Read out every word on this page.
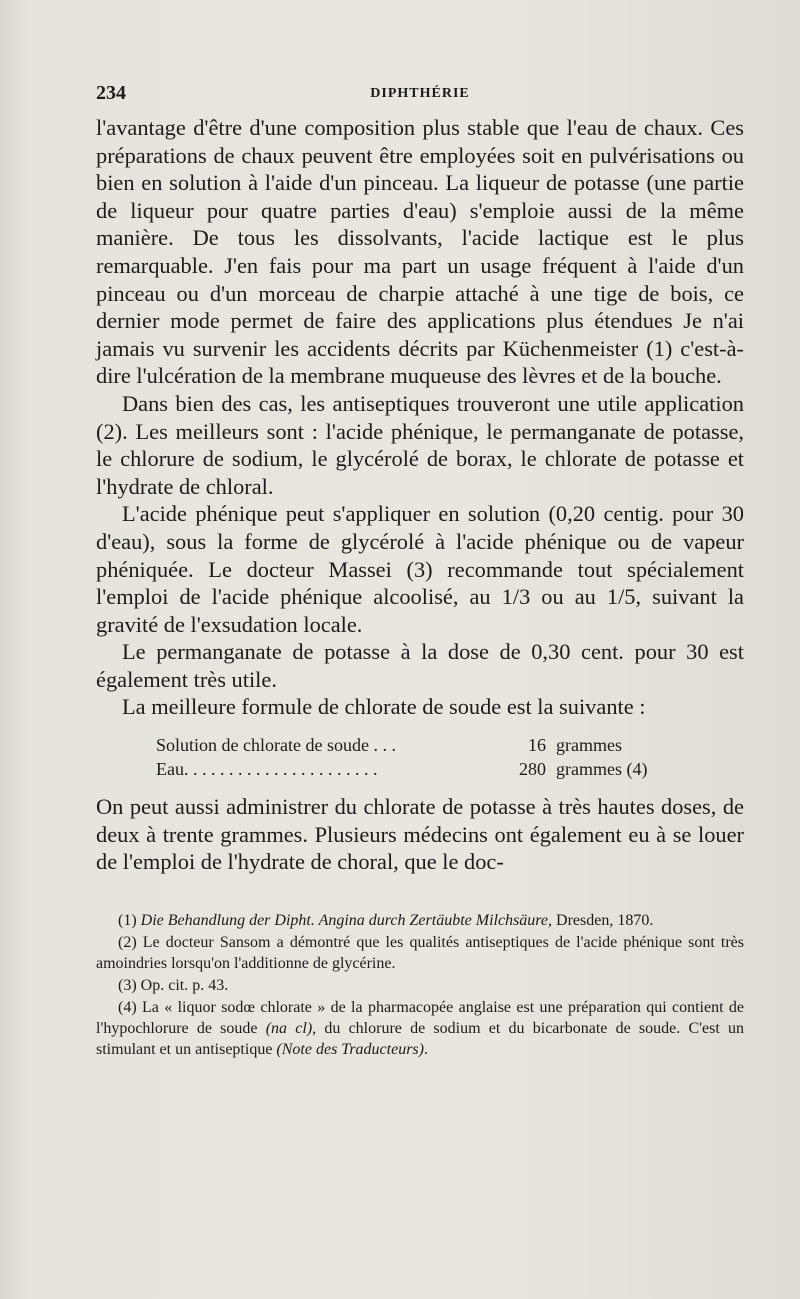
234	DIPHTHÉRIE

l'avantage d'être d'une composition plus stable que l'eau de chaux. Ces préparations de chaux peuvent être employées soit en pulvérisations ou bien en solution à l'aide d'un pinceau. La liqueur de potasse (une partie de liqueur pour quatre parties d'eau) s'emploie aussi de la même manière. De tous les dissolvants, l'acide lactique est le plus remarquable. J'en fais pour ma part un usage fréquent à l'aide d'un pinceau ou d'un morceau de charpie attaché à une tige de bois, ce dernier mode permet de faire des applications plus étendues Je n'ai jamais vu survenir les accidents décrits par Küchenmeister (1) c'est-à-dire l'ulcération de la membrane muqueuse des lèvres et de la bouche.

Dans bien des cas, les antiseptiques trouveront une utile application (2). Les meilleurs sont : l'acide phénique, le permanganate de potasse, le chlorure de sodium, le glycérolé de borax, le chlorate de potasse et l'hydrate de chloral.

L'acide phénique peut s'appliquer en solution (0,20 centig. pour 30 d'eau), sous la forme de glycérolé à l'acide phénique ou de vapeur phéniquée. Le docteur Massei (3) recommande tout spécialement l'emploi de l'acide phénique alcoolisé, au 1/3 ou au 1/5, suivant la gravité de l'exsudation locale.

Le permanganate de potasse à la dose de 0,30 cent. pour 30 est également très utile.

La meilleure formule de chlorate de soude est la suivante :

Solution de chlorate de soude . . .	16 grammes
Eau. . . . . . . . . . . . . . . . . . . . . .	280 grammes (4)

On peut aussi administrer du chlorate de potasse à très hautes doses, de deux à trente grammes. Plusieurs médecins ont également eu à se louer de l'emploi de l'hydrate de choral, que le doc-

(1) Die Behandlung der Dipht. Angina durch Zertäubte Milchsäure, Dresden, 1870.

(2) Le docteur Sansom a démontré que les qualités antiseptiques de l'acide phénique sont très amoindries lorsqu'on l'additionne de glycérine.

(3) Op. cit. p. 43.

(4) La « liquor sodœ chlorate » de la pharmacopée anglaise est une préparation qui contient de l'hypochlorure de soude (na cl), du chlorure de sodium et du bicarbonate de soude. C'est un stimulant et un antiseptique (Note des Traducteurs).
